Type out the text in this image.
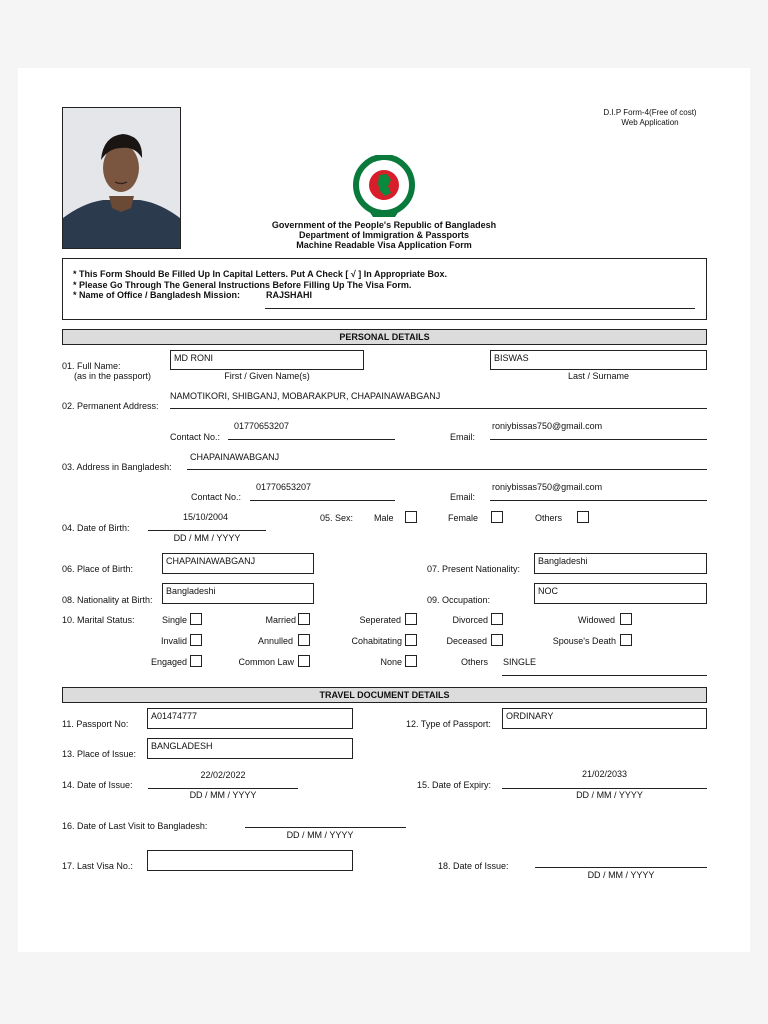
D.I.P Form-4(Free of cost)
Web Application
Government of the People's Republic of Bangladesh
Department of Immigration & Passports
Machine Readable Visa Application Form
* This Form Should Be Filled Up In Capital Letters. Put A Check [ √ ] In Appropriate Box.
* Please Go Through The General Instructions Before Filling Up The Visa Form.
* Name of Office / Bangladesh Mission:	RAJSHAHI
PERSONAL DETAILS
01. Full Name:
(as in the passport)
MD RONI
First / Given Name(s)
BISWAS
Last / Surname
02. Permanent Address:
NAMOTIKORI, SHIBGANJ, MOBARAKPUR, CHAPAINAWABGANJ
Contact No.:
01770653207
Email:
roniybissas750@gmail.com
03. Address in Bangladesh:
CHAPAINAWABGANJ
Contact No.:
01770653207
Email:
roniybissas750@gmail.com
04. Date of Birth:
15/10/2004
DD / MM / YYYY
05. Sex: Male	Female	Others
06. Place of Birth:
CHAPAINAWABGANJ
07. Present Nationality:
Bangladeshi
08. Nationality at Birth:
Bangladeshi
09. Occupation:
NOC
10. Marital Status:	Single	Married	Seperated	Divorced	Widowed
Invalid	Annulled	Cohabitating	Deceased	Spouse's Death
Engaged	Common Law	None	Others SINGLE
TRAVEL DOCUMENT DETAILS
11. Passport No:
A01474777
12. Type of Passport:
ORDINARY
13. Place of Issue:
BANGLADESH
14. Date of Issue:
22/02/2022
DD / MM / YYYY
15. Date of Expiry:
21/02/2033
DD / MM / YYYY
16. Date of Last Visit to Bangladesh:
DD / MM / YYYY
17. Last Visa No.:	18. Date of Issue:
DD / MM / YYYY
